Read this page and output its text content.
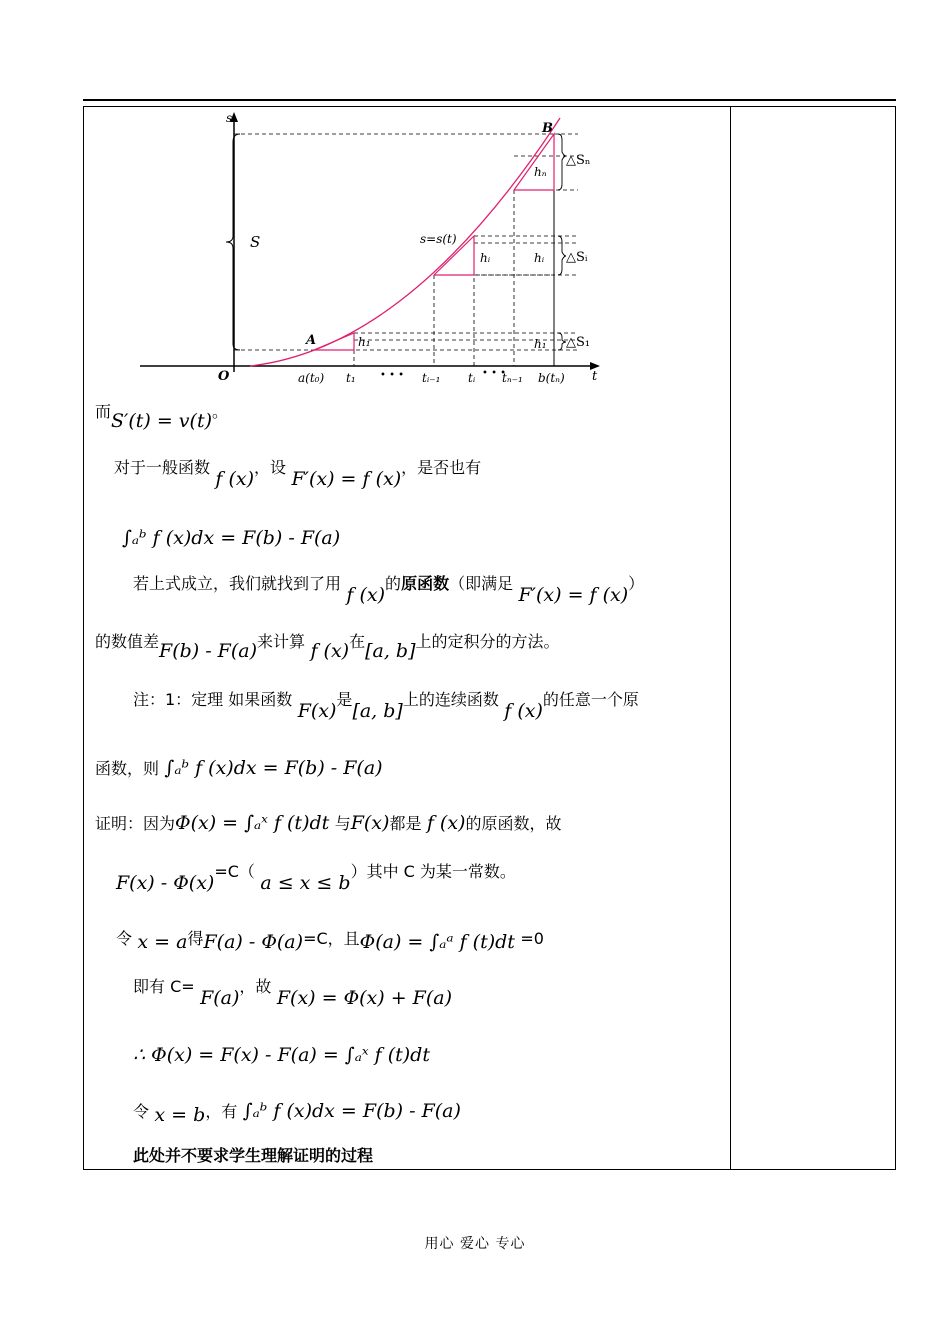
s
t
O
S
△Sₙ
△Sᵢ
△S₁
hₙ
hᵢ	hᵢ
h₁	h₁
A
B
s=s(t)
a(t₀) t₁ • • • tᵢ₋₁ tᵢ • • •
tₙ₋₁ b(tₙ)
而S′(t) = v(t)。
对于一般函数 f (x)，设 F′(x) = f (x)，是否也有
∫ₐᵇ f (x)dx = F(b) - F(a)
若上式成立，我们就找到了用 f (x)的原函数（即满足 F′(x) = f (x)）
的数值差F(b) - F(a)来计算 f (x)在[a, b]上的定积分的方法。
注：1：定理 如果函数 F(x)是[a, b]上的连续函数 f (x)的任意一个原
函数，则 ∫ₐᵇ f (x)dx = F(b) - F(a)
证明：因为Φ(x) = ∫ₐˣ f (t)dt 与F(x)都是 f (x)的原函数，故
F(x) - Φ(x)=C（ a ≤ x ≤ b）其中 C 为某一常数。
令 x = a得F(a) - Φ(a)=C，且Φ(a) = ∫ₐᵃ f (t)dt =0
即有 C= F(a)，故 F(x) = Φ(x) + F(a)
∴ Φ(x) = F(x) - F(a) = ∫ₐˣ f (t)dt
令 x = b，有 ∫ₐᵇ f (x)dx = F(b) - F(a)
此处并不要求学生理解证明的过程
用心 爱心 专心
